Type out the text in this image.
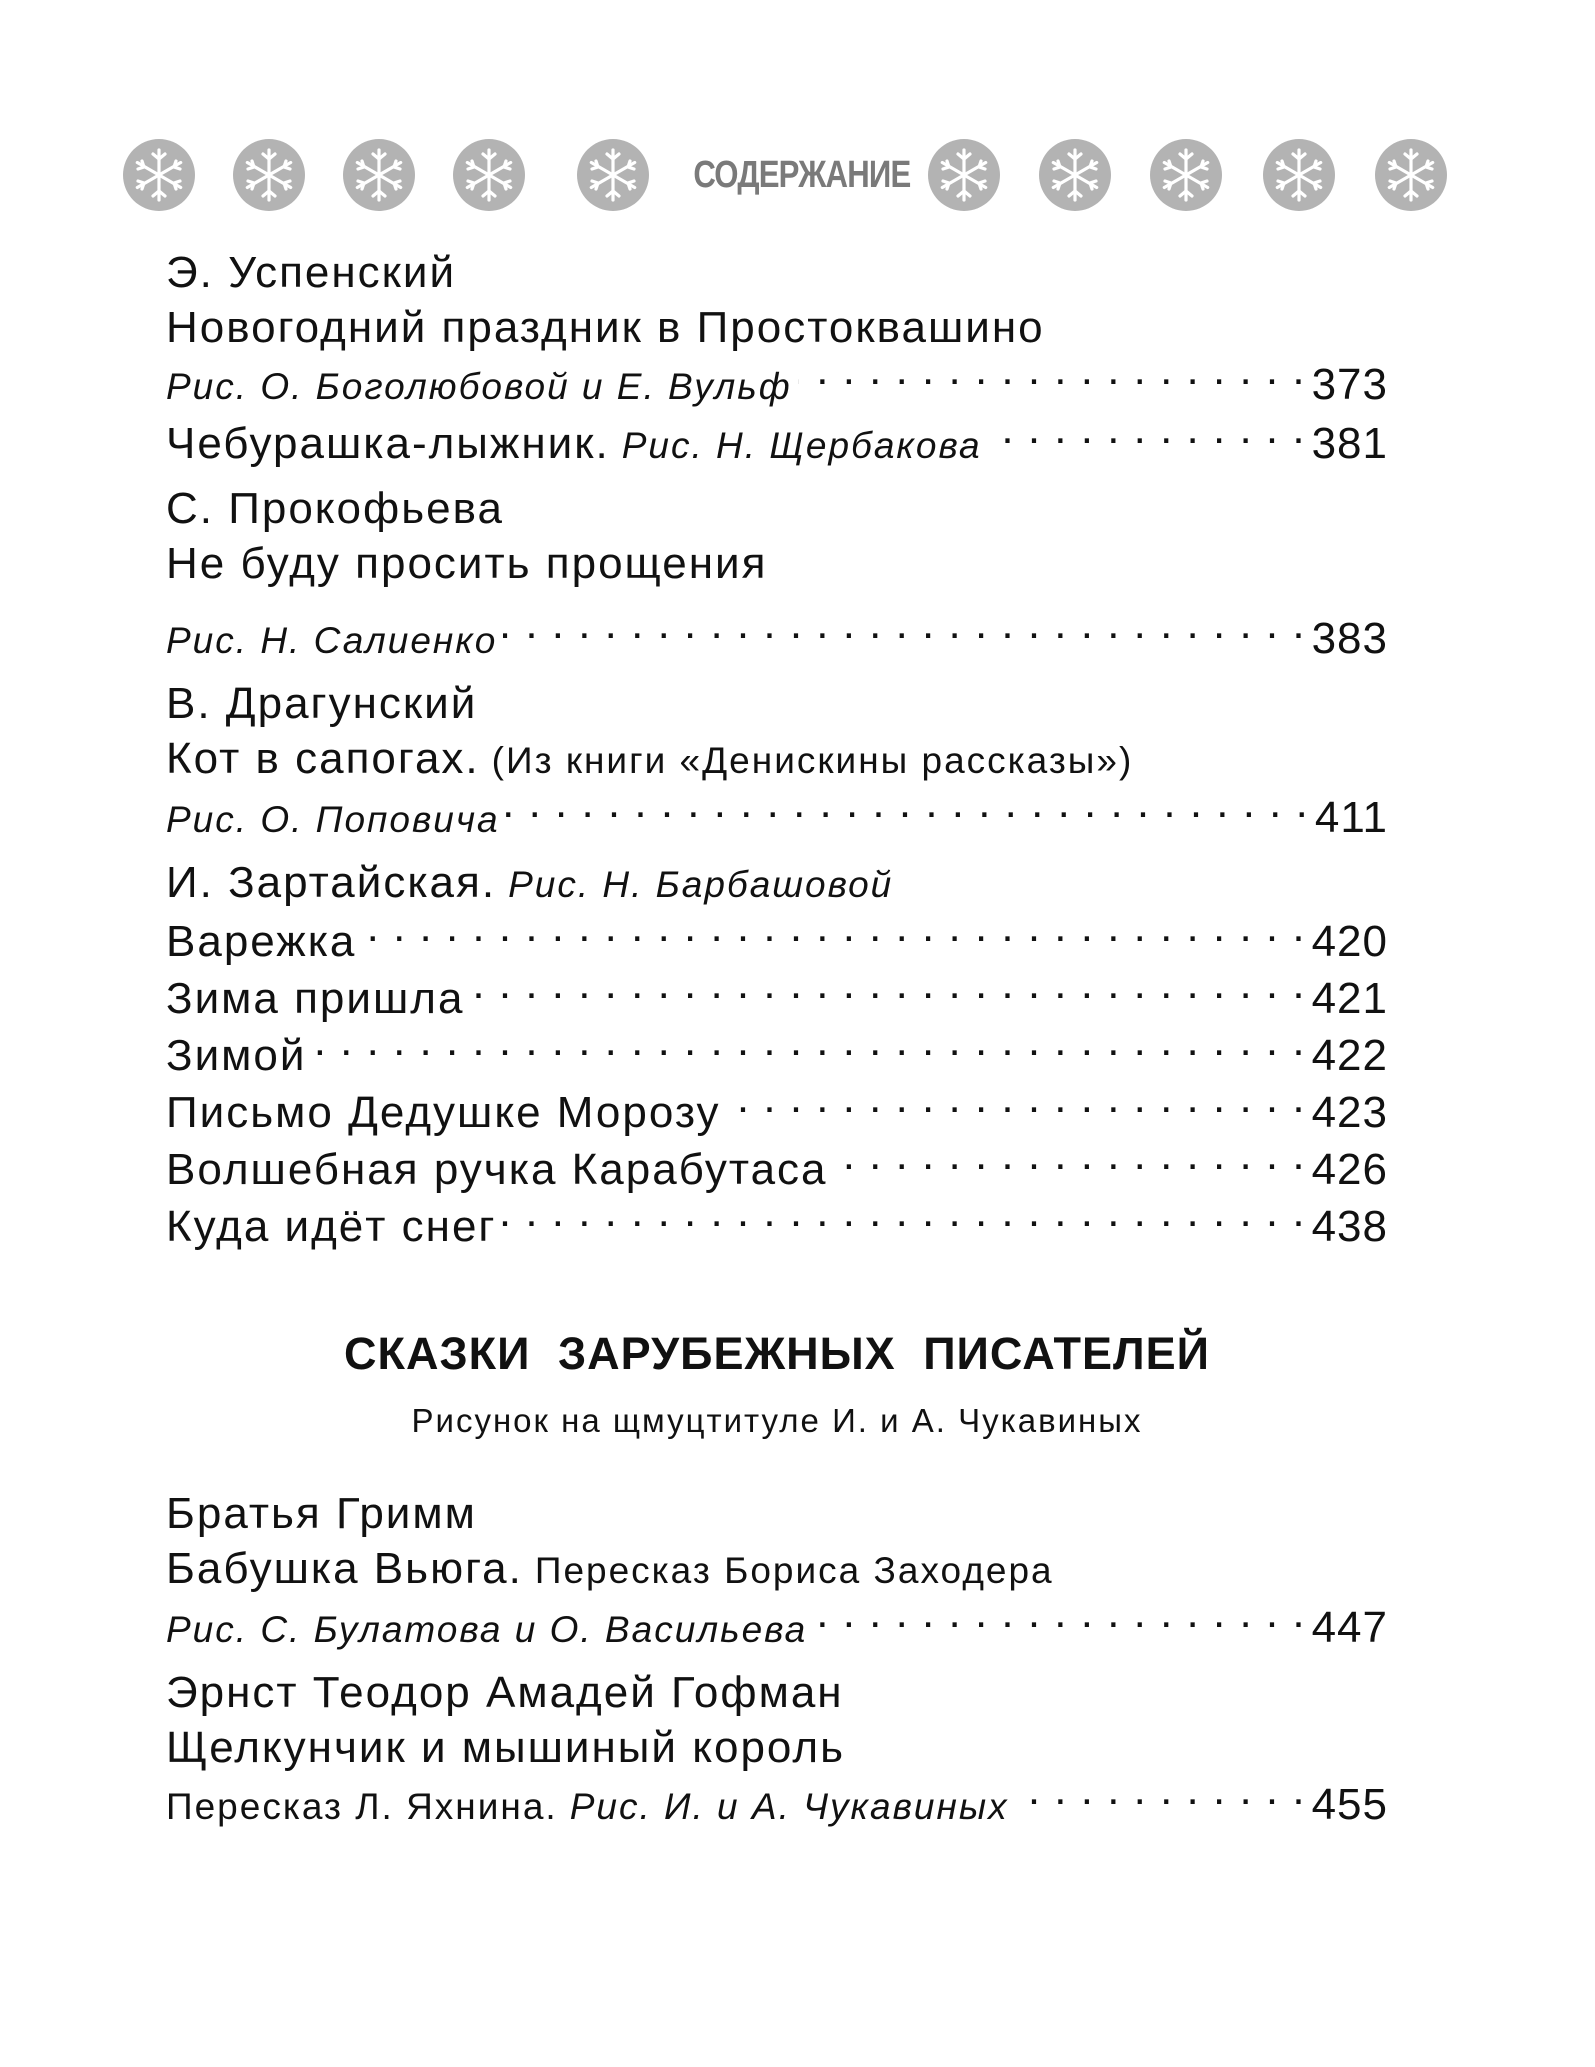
СОДЕРЖАНИЕ
Э. Успенский
Новогодний праздник в Простоквашино
Рис. О. Боголюбовой и Е. Вульф . . .	373
Чебурашка-лыжник. Рис. Н. Щербакова . . .	381
С. Прокофьева
Не буду просить прощения
Рис. Н. Салиенко . . .	383
В. Драгунский
Кот в сапогах. (Из книги «Денискины рассказы»)
Рис. О. Поповича . . .	411
И. Зартайская. Рис. Н. Барбашовой
Варежка . . .	420
Зима пришла . . .	421
Зимой . . .	422
Письмо Дедушке Морозу . . .	423
Волшебная ручка Карабутаса . . .	426
Куда идёт снег . . .	438
СКАЗКИ ЗАРУБЕЖНЫХ ПИСАТЕЛЕЙ
Рисунок на щмуцтитуле И. и А. Чукавиных
Братья Гримм
Бабушка Вьюга. Пересказ Бориса Заходера
Рис. С. Булатова и О. Васильева . . .	447
Эрнст Теодор Амадей Гофман
Щелкунчик и мышиный король
Пересказ Л. Яхнина. Рис. И. и А. Чукавиных . . .	455
